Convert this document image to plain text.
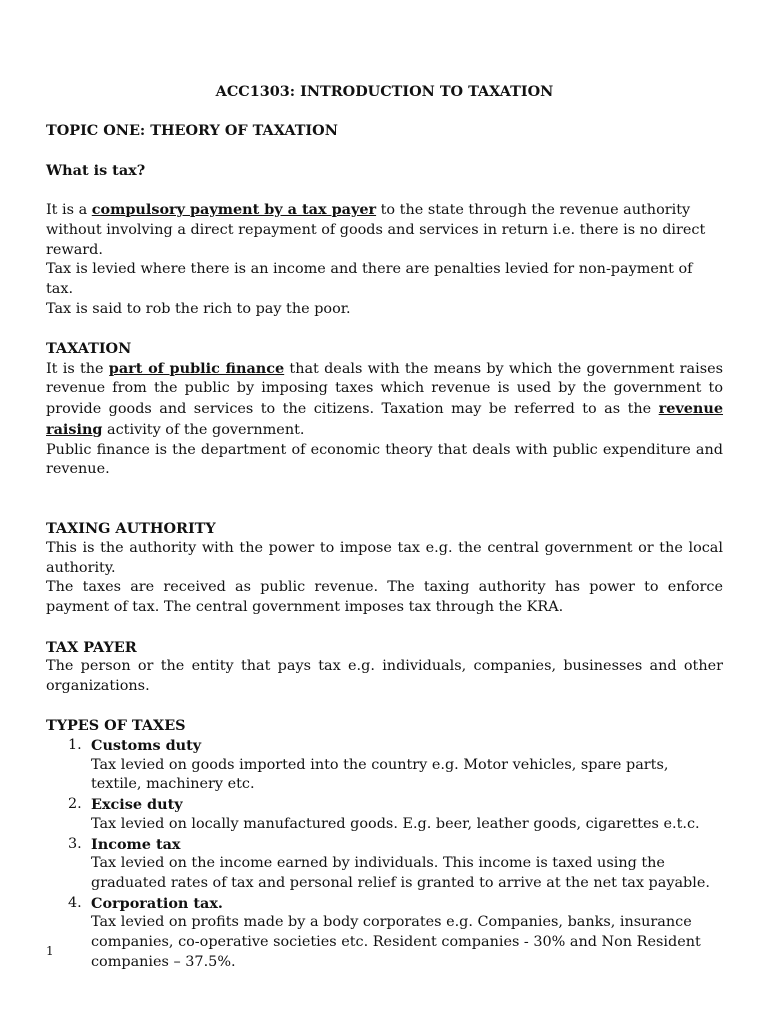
ACC1303: INTRODUCTION TO TAXATION

TOPIC ONE: THEORY OF TAXATION

What is tax?

It is a compulsory payment by a tax payer to the state through the revenue authority without involving a direct repayment of goods and services in return i.e. there is no direct reward.

Tax is levied where there is an income and there are penalties levied for non-payment of tax.

Tax is said to rob the rich to pay the poor.

TAXATION

It is the part of public finance that deals with the means by which the government raises revenue from the public by imposing taxes which revenue is used by the government to provide goods and services to the citizens. Taxation may be referred to as the revenue raising activity of the government.

Public finance is the department of economic theory that deals with public expenditure and revenue.

TAXING AUTHORITY

This is the authority with the power to impose tax e.g. the central government or the local authority.

The taxes are received as public revenue. The taxing authority has power to enforce payment of tax. The central government imposes tax through the KRA.

TAX PAYER

The person or the entity that pays tax e.g. individuals, companies, businesses and other organizations.

TYPES OF TAXES

1. Customs duty
Tax levied on goods imported into the country e.g. Motor vehicles, spare parts, textile, machinery etc.
2. Excise duty
Tax levied on locally manufactured goods. E.g. beer, leather goods, cigarettes e.t.c.
3. Income tax
Tax levied on the income earned by individuals. This income is taxed using the graduated rates of tax and personal relief is granted to arrive at the net tax payable.
4. Corporation tax.
Tax levied on profits made by a body corporates e.g. Companies, banks, insurance companies, co-operative societies etc. Resident companies - 30% and Non Resident companies – 37.5%.
1
